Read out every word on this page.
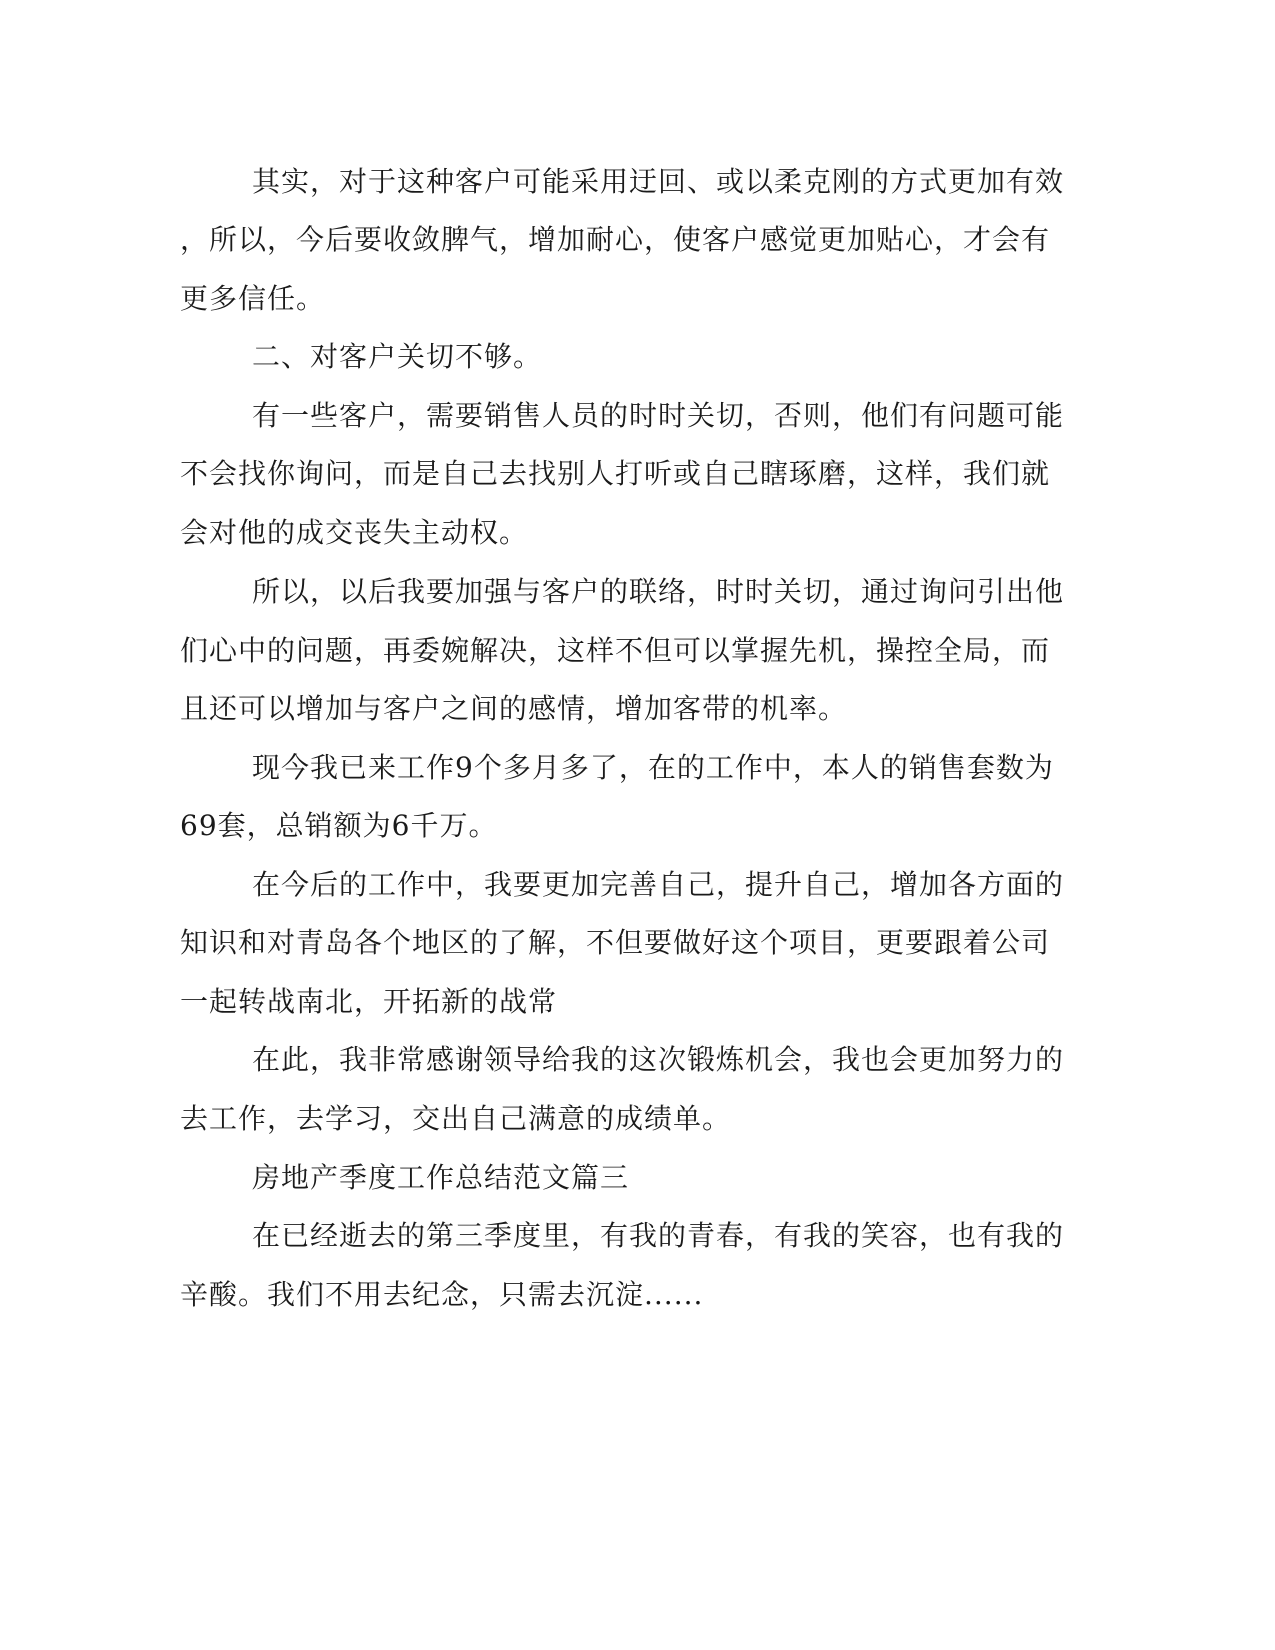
其实，对于这种客户可能采用迂回、或以柔克刚的方式更加有效

，所以，今后要收敛脾气，增加耐心，使客户感觉更加贴心，才会有

更多信任。

二、对客户关切不够。

有一些客户，需要销售人员的时时关切，否则，他们有问题可能

不会找你询问，而是自己去找别人打听或自己瞎琢磨，这样，我们就

会对他的成交丧失主动权。

所以，以后我要加强与客户的联络，时时关切，通过询问引出他

们心中的问题，再委婉解决，这样不但可以掌握先机，操控全局，而

且还可以增加与客户之间的感情，增加客带的机率。

现今我已来工作9个多月多了，在的工作中，本人的销售套数为

69套，总销额为6千万。

在今后的工作中，我要更加完善自己，提升自己，增加各方面的

知识和对青岛各个地区的了解，不但要做好这个项目，更要跟着公司

一起转战南北，开拓新的战常

在此，我非常感谢领导给我的这次锻炼机会，我也会更加努力的

去工作，去学习，交出自己满意的成绩单。

房地产季度工作总结范文篇三

在已经逝去的第三季度里，有我的青春，有我的笑容，也有我的

辛酸。我们不用去纪念，只需去沉淀......
